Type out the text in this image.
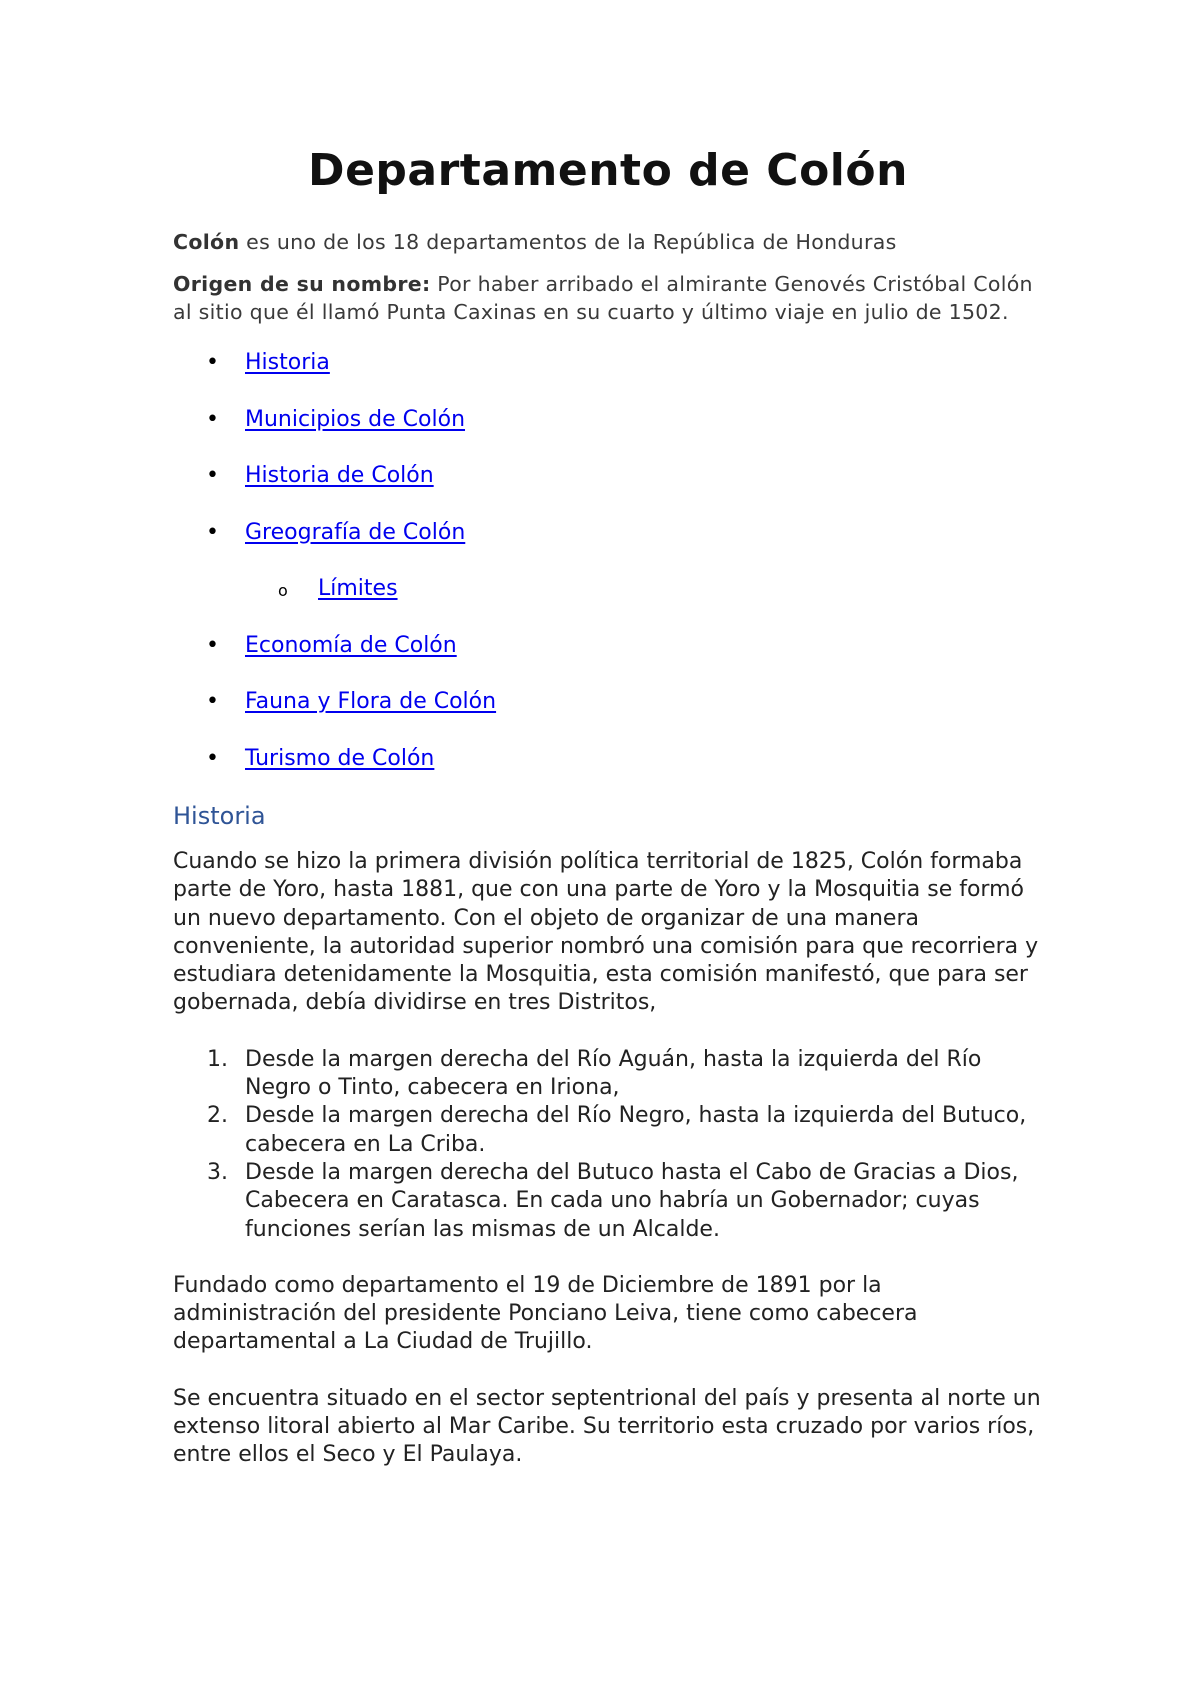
Departamento de Colón

Colón es uno de los 18 departamentos de la República de Honduras

Origen de su nombre: Por haber arribado el almirante Genovés Cristóbal Colón al sitio que él llamó Punta Caxinas en su cuarto y último viaje en julio de 1502.

• Historia
• Municipios de Colón
• Historia de Colón
• Greografía de Colón
o Límites
• Economía de Colón
• Fauna y Flora de Colón
• Turismo de Colón
Historia

Cuando se hizo la primera división política territorial de 1825, Colón formaba parte de Yoro, hasta 1881, que con una parte de Yoro y la Mosquitia se formó un nuevo departamento. Con el objeto de organizar de una manera conveniente, la autoridad superior nombró una comisión para que recorriera y estudiara detenidamente la Mosquitia, esta comisión manifestó, que para ser gobernada, debía dividirse en tres Distritos,

1. Desde la margen derecha del Río Aguán, hasta la izquierda del Río Negro o Tinto, cabecera en Iriona,
2. Desde la margen derecha del Río Negro, hasta la izquierda del Butuco, cabecera en La Criba.
3. Desde la margen derecha del Butuco hasta el Cabo de Gracias a Dios, Cabecera en Caratasca. En cada uno habría un Gobernador; cuyas funciones serían las mismas de un Alcalde.

Fundado como departamento el 19 de Diciembre de 1891 por la administración del presidente Ponciano Leiva, tiene como cabecera departamental a La Ciudad de Trujillo.

Se encuentra situado en el sector septentrional del país y presenta al norte un extenso litoral abierto al Mar Caribe. Su territorio esta cruzado por varios ríos, entre ellos el Seco y El Paulaya.
